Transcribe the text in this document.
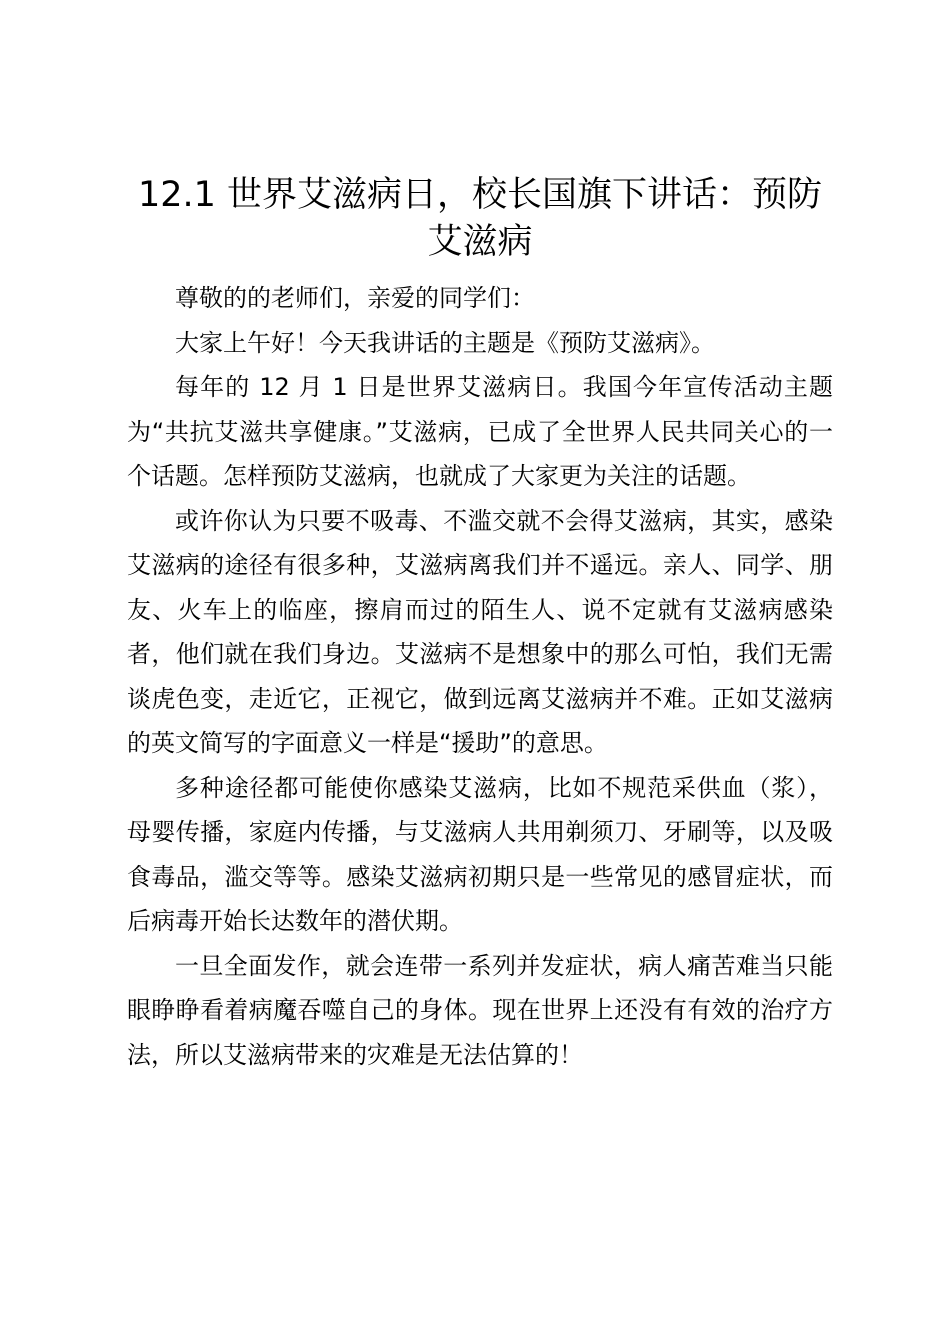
12.1 世界艾滋病日，校长国旗下讲话：预防艾滋病

尊敬的的老师们，亲爱的同学们：

大家上午好！今天我讲话的主题是《预防艾滋病》。

每年的 12 月 1 日是世界艾滋病日。我国今年宣传活动主题为“共抗艾滋共享健康。”艾滋病，已成了全世界人民共同关心的一个话题。怎样预防艾滋病，也就成了大家更为关注的话题。

或许你认为只要不吸毒、不滥交就不会得艾滋病，其实，感染艾滋病的途径有很多种，艾滋病离我们并不遥远。亲人、同学、朋友、火车上的临座，擦肩而过的陌生人、说不定就有艾滋病感染者，他们就在我们身边。艾滋病不是想象中的那么可怕，我们无需谈虎色变，走近它，正视它，做到远离艾滋病并不难。正如艾滋病的英文简写的字面意义一样是“援助”的意思。

多种途径都可能使你感染艾滋病，比如不规范采供血（浆），母婴传播，家庭内传播，与艾滋病人共用剃须刀、牙刷等，以及吸食毒品，滥交等等。感染艾滋病初期只是一些常见的感冒症状，而后病毒开始长达数年的潜伏期。

一旦全面发作，就会连带一系列并发症状，病人痛苦难当只能眼睁睁看着病魔吞噬自己的身体。现在世界上还没有有效的治疗方法，所以艾滋病带来的灾难是无法估算的！
